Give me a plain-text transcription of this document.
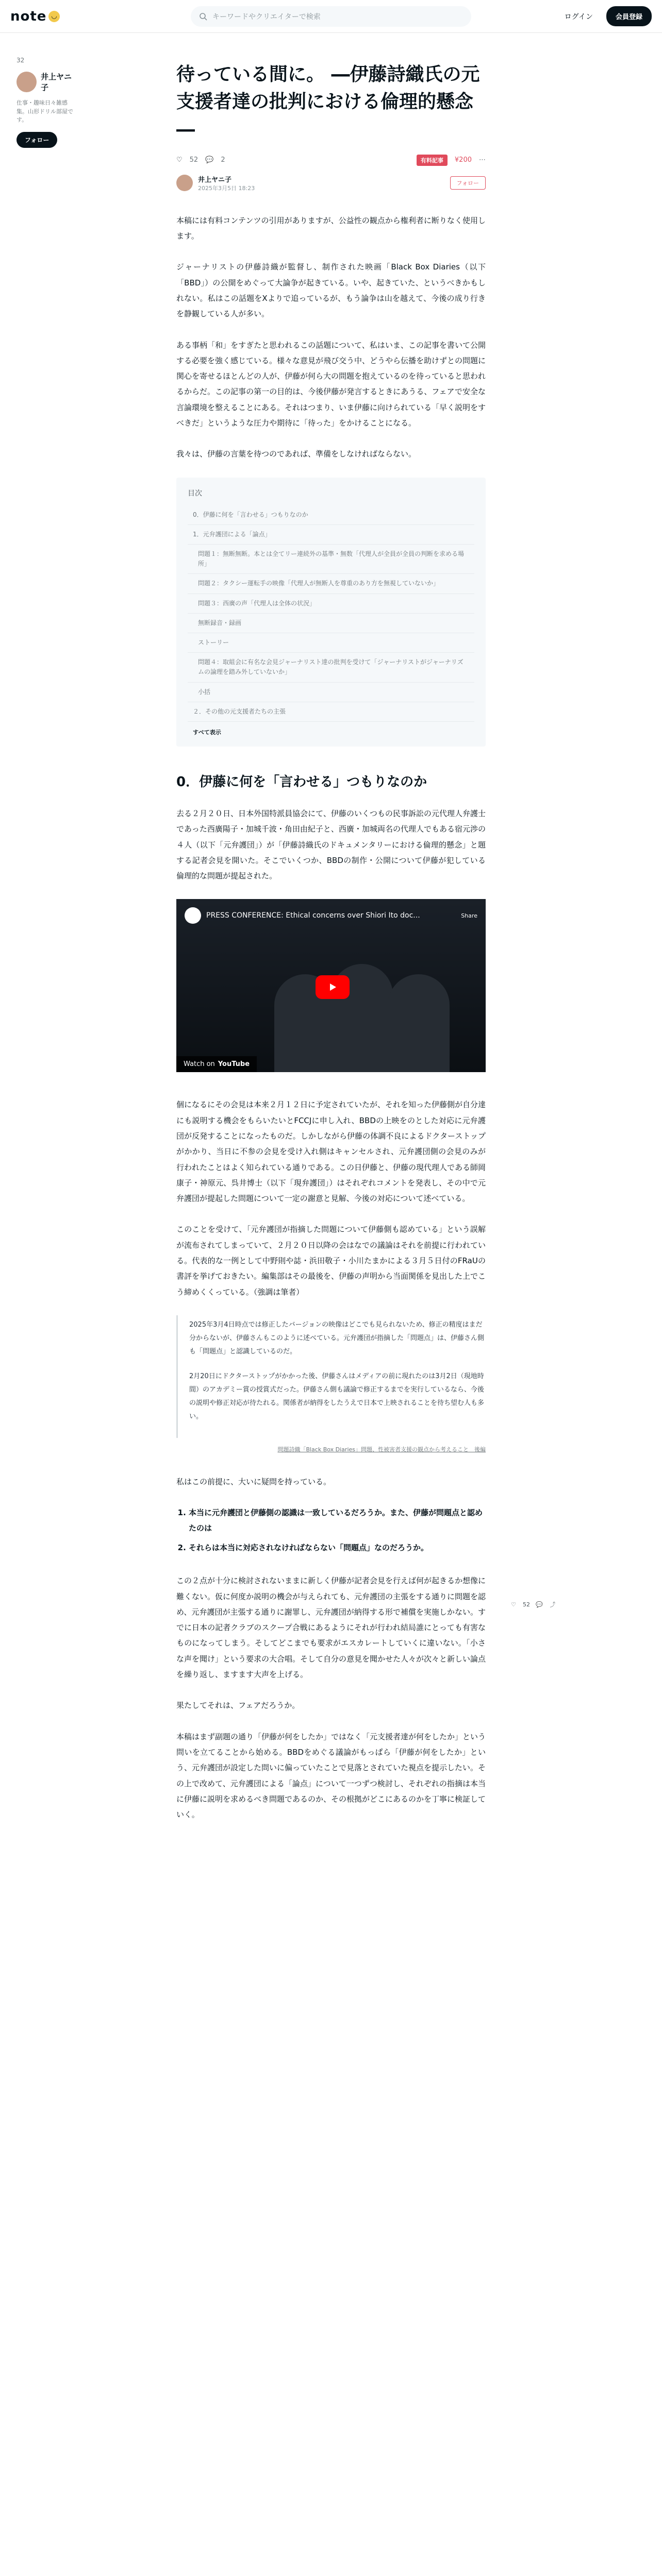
note ◡	キーワードやクリエイターで検索	ログイン	会員登録
32
井上ヤニ子
仕事・趣味日々雑感集。山形ドリル部屋です。
フォロー
待っている間に。 ―伊藤詩織氏の元支援者達の批判における倫理的懸念―
♡ 52 💬 2	有料記事	¥200 ⋯
井上ヤニ子
2025年3月5日 18:23
フォロー

本稿には有料コンテンツの引用がありますが、公益性の観点から権利者に断りなく使用します。

ジャーナリストの伊藤詩織が監督し、制作された映画「Black Box Diaries（以下「BBD」）の公開をめぐって大論争が起きている。いや、起きていた、というべきかもしれない。私はこの話題をXよりで追っているが、もう論争は山を越えて、今後の成り行きを静観している人が多い。

ある事柄「和」をすぎたと思われるこの話題について、私はいま、この記事を書いて公開する必要を強く感じている。様々な意見が飛び交う中、どうやら伝播を助けずとの問題に関心を寄せるほとんどの人が、伊藤が何ら大の問題を抱えているのを待っていると思われるからだ。この記事の第一の目的は、今後伊藤が発言するときにあうる、フェアで安全な言論環境を整えることにある。それはつまり、いま伊藤に向けられている「早く説明をすべきだ」というような圧力や期待に「待った」をかけることになる。

我々は、伊藤の言葉を待つのであれば、準備をしなければならない。

目次
0．伊藤に何を「言わせる」つもりなのか
1．元弁護団による「論点」
問題１：無断無断。本とは全てリー連続外の基準・無数「代理人が全員が全員の判断を求める場所」
問題２：タクシー運転手の映像「代理人が無断人を尊重のあり方を無視していないか」
問題３：西廣の声「代理人は全体の状況」
無断録音・録画
ストーリー
問題４：取組会に有名な会見ジャーナリスト達の批判を受けて「ジャーナリストがジャーナリズムの論理を踏み外していないか」
小括
２．その他の元支援者たちの主張
すべて表示
0．伊藤に何を「言わせる」つもりなのか

去る２月２０日、日本外国特派員協会にて、伊藤のいくつもの民事訴訟の元代理人弁護士であった西廣陽子・加城千波・角田由紀子と、西廣・加城両名の代理人でもある宿元渉の４人（以下「元弁護団」）が「伊藤詩織氏のドキュメンタリーにおける倫理的懸念」と題する記者会見を開いた。そこでいくつか、BBDの制作・公開について伊藤が犯している倫理的な問題が提起された。

PRESS CONFERENCE: Ethical concerns over Shiori Ito doc...	Share
Watch on YouTube

個になるにその会見は本来２月１２日に予定されていたが、それを知った伊藤側が自分達にも説明する機会をもらいたいとFCCJに申し入れ、BBDの上映をのとした対応に元弁護団が反発することになったものだ。しかしながら伊藤の体調不良によるドクターストップがかかり、当日に不参の会見を受け入れ側はキャンセルされ、元弁護団側の会見のみが行われたことはよく知られている通りである。この日伊藤と、伊藤の現代理人である師岡康子・神原元、呉井博士（以下「現弁護団」）はそれぞれコメントを発表し、その中で元弁護団が提起した問題について一定の謝意と見解、今後の対応について述べている。

このことを受けて、「元弁護団が指摘した問題について伊藤側も認めている」という誤解が流布されてしまっていて、２月２０日以降の会はなでの議論はそれを前提に行われている。代表的な一例として中野則や誌・浜田敬子・小川たまかによる３月５日付のFRaUの書評を挙げておきたい。編集部はその最後を、伊藤の声明から当面関係を見出した上でこう締めくくっている。（強調は筆者）

2025年3月4日時点では修正したバージョンの映像はどこでも見られないため、修正の精度はまだ分からないが、伊藤さんもこのように述べている。元弁護団が指摘した「問題点」は、伊藤さん側も「問題点」と認識しているのだ。

2月20日にドクターストップがかかった後、伊藤さんはメディアの前に現れたのは3月2日（現地時間）のアカデミー賞の授賞式だった。伊藤さん側も議論で修正するまでを実行しているなら、今後の説明や修正対応が待たれる。関係者が納得をしたうえで日本で上映されることを待ち望む人も多い。

問題詩織「Black Box Diaries」問題、性被害者支援の観点から考えること　後編

私はこの前提に、大いに疑問を持っている。

1. 本当に元弁護団と伊藤側の認識は一致しているだろうか。また、伊藤が問題点と認めたのは
2. それらは本当に対応されなければならない「問題点」なのだろうか。

この２点が十分に検討されないままに新しく伊藤が記者会見を行えば何が起きるか想像に難くない。仮に何度か説明の機会が与えられても、元弁護団の主張をする通りに問題を認め、元弁護団が主張する通りに謝罪し、元弁護団が納得する形で補償を実施しかない。すでに日本の記者クラブのスクープ合戦にあるようにそれが行われ結局誰にとっても有害なものになってしまう。そしてどこまでも要求がエスカレートしていくに違いない。「小さな声を聞け」という要求の大合唱。そして自分の意見を聞かせた人々が次々と新しい論点を繰り返し、ますます大声を上げる。

果たしてそれは、フェアだろうか。

本稿はまず副題の通り「伊藤が何をしたか」ではなく「元支援者達が何をしたか」という問いを立てることから始める。BBDをめぐる議論がもっぱら「伊藤が何をしたか」という、元弁護団が設定した問いに偏っていたことで見落とされていた視点を提示したい。その上で改めて、元弁護団による「論点」について一つずつ検討し、それぞれの指摘は本当に伊藤に説明を求めるべき問題であるのか、その根拠がどこにあるのかを丁寧に検証していく。

♡ 52 💬 ⤴
